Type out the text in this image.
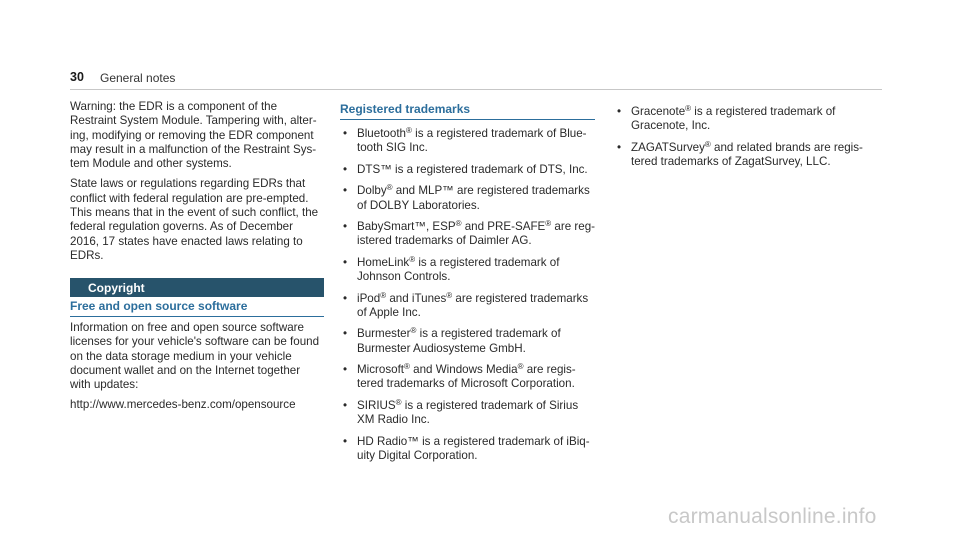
30 General notes

Warning: the EDR is a component of the
Restraint System Module. Tampering with, alter-
ing, modifying or removing the EDR component
may result in a malfunction of the Restraint Sys-
tem Module and other systems.

State laws or regulations regarding EDRs that
conflict with federal regulation are pre-empted.
This means that in the event of such conflict, the
federal regulation governs. As of December
2016, 17 states have enacted laws relating to
EDRs.

Copyright
Free and open source software

Information on free and open source software
licenses for your vehicle's software can be found
on the data storage medium in your vehicle
document wallet and on the Internet together
with updates:

http://www.mercedes-benz.com/opensource

Registered trademarks
• Bluetooth® is a registered trademark of Blue-
tooth SIG Inc.
• DTS™ is a registered trademark of DTS, Inc.
• Dolby® and MLP™ are registered trademarks
of DOLBY Laboratories.
• BabySmart™, ESP® and PRE-SAFE® are reg-
istered trademarks of Daimler AG.
• HomeLink® is a registered trademark of
Johnson Controls.
• iPod® and iTunes® are registered trademarks
of Apple Inc.
• Burmester® is a registered trademark of
Burmester Audiosysteme GmbH.
• Microsoft® and Windows Media® are regis-
tered trademarks of Microsoft Corporation.
• SIRIUS® is a registered trademark of Sirius
XM Radio Inc.
• HD Radio™ is a registered trademark of iBiq-
uity Digital Corporation.
• Gracenote® is a registered trademark of
Gracenote, Inc.
• ZAGATSurvey® and related brands are regis-
tered trademarks of ZagatSurvey, LLC.
carmanualsonline.info
